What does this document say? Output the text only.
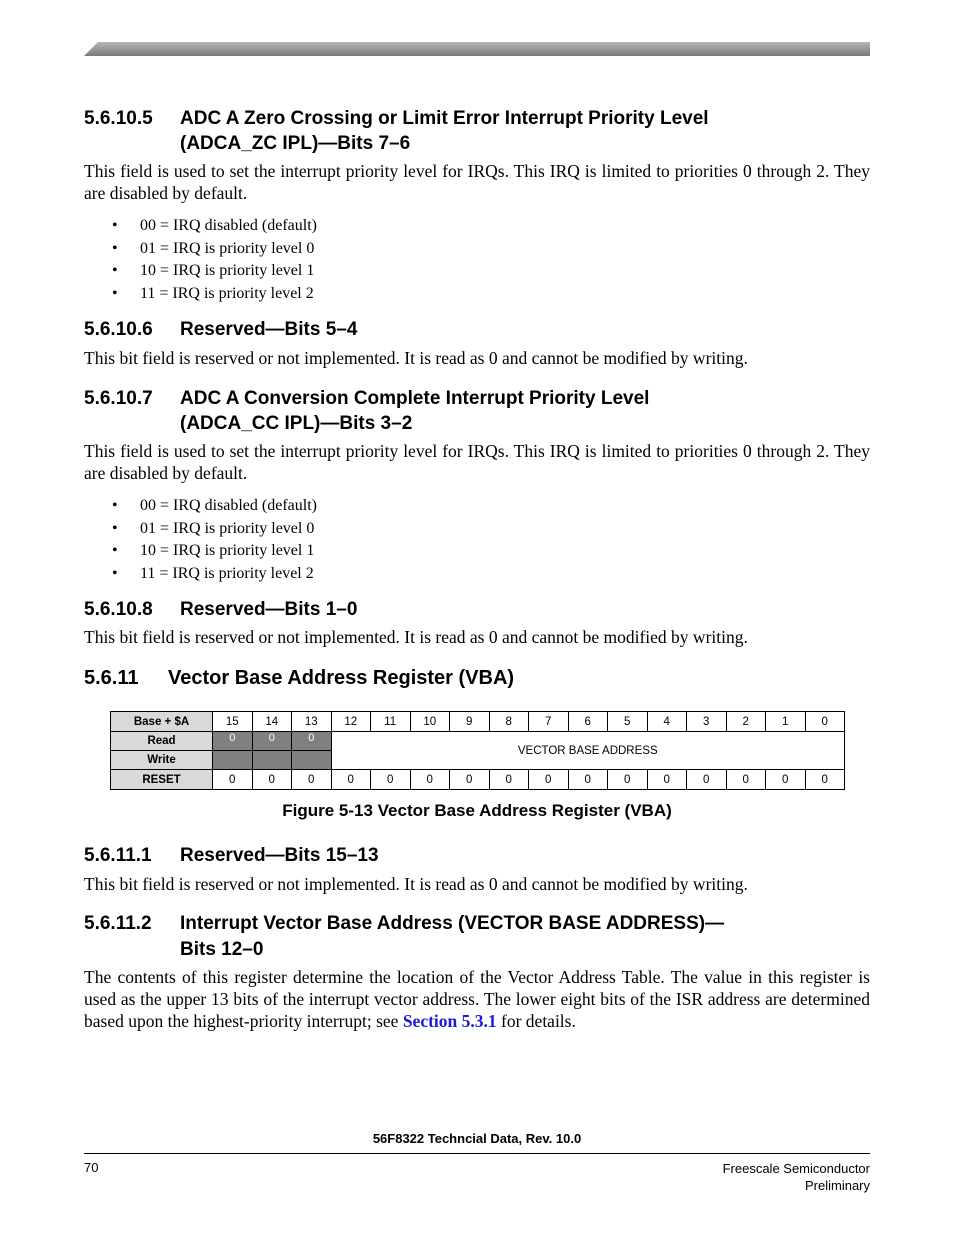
5.6.10.5 ADC A Zero Crossing or Limit Error Interrupt Priority Level
(ADCA_ZC IPL)—Bits 7–6
This field is used to set the interrupt priority level for IRQs. This IRQ is limited to priorities 0 through 2. They are disabled by default.
• 00 = IRQ disabled (default)
• 01 = IRQ is priority level 0
• 10 = IRQ is priority level 1
• 11 = IRQ is priority level 2
5.6.10.6 Reserved—Bits 5–4
This bit field is reserved or not implemented. It is read as 0 and cannot be modified by writing.
5.6.10.7 ADC A Conversion Complete Interrupt Priority Level
(ADCA_CC IPL)—Bits 3–2
This field is used to set the interrupt priority level for IRQs. This IRQ is limited to priorities 0 through 2. They are disabled by default.
• 00 = IRQ disabled (default)
• 01 = IRQ is priority level 0
• 10 = IRQ is priority level 1
• 11 = IRQ is priority level 2
5.6.10.8 Reserved—Bits 1–0
This bit field is reserved or not implemented. It is read as 0 and cannot be modified by writing.
5.6.11 Vector Base Address Register (VBA)
Base + $A	15	14	13	12	11	10	9	8	7	6	5	4	3	2	1	0
Read	0	0	0	VECTOR BASE ADDRESS												
Write																
RESET	0	0	0	0	0	0	0	0	0	0	0	0	0	0	0	0
Figure 5-13 Vector Base Address Register (VBA)
5.6.11.1 Reserved—Bits 15–13
This bit field is reserved or not implemented. It is read as 0 and cannot be modified by writing.
5.6.11.2 Interrupt Vector Base Address (VECTOR BASE ADDRESS)—
Bits 12–0
The contents of this register determine the location of the Vector Address Table. The value in this register is used as the upper 13 bits of the interrupt vector address. The lower eight bits of the ISR address are determined based upon the highest-priority interrupt; see Section 5.3.1 for details.
56F8322 Techncial Data, Rev. 10.0
70	Freescale Semiconductor
Preliminary
